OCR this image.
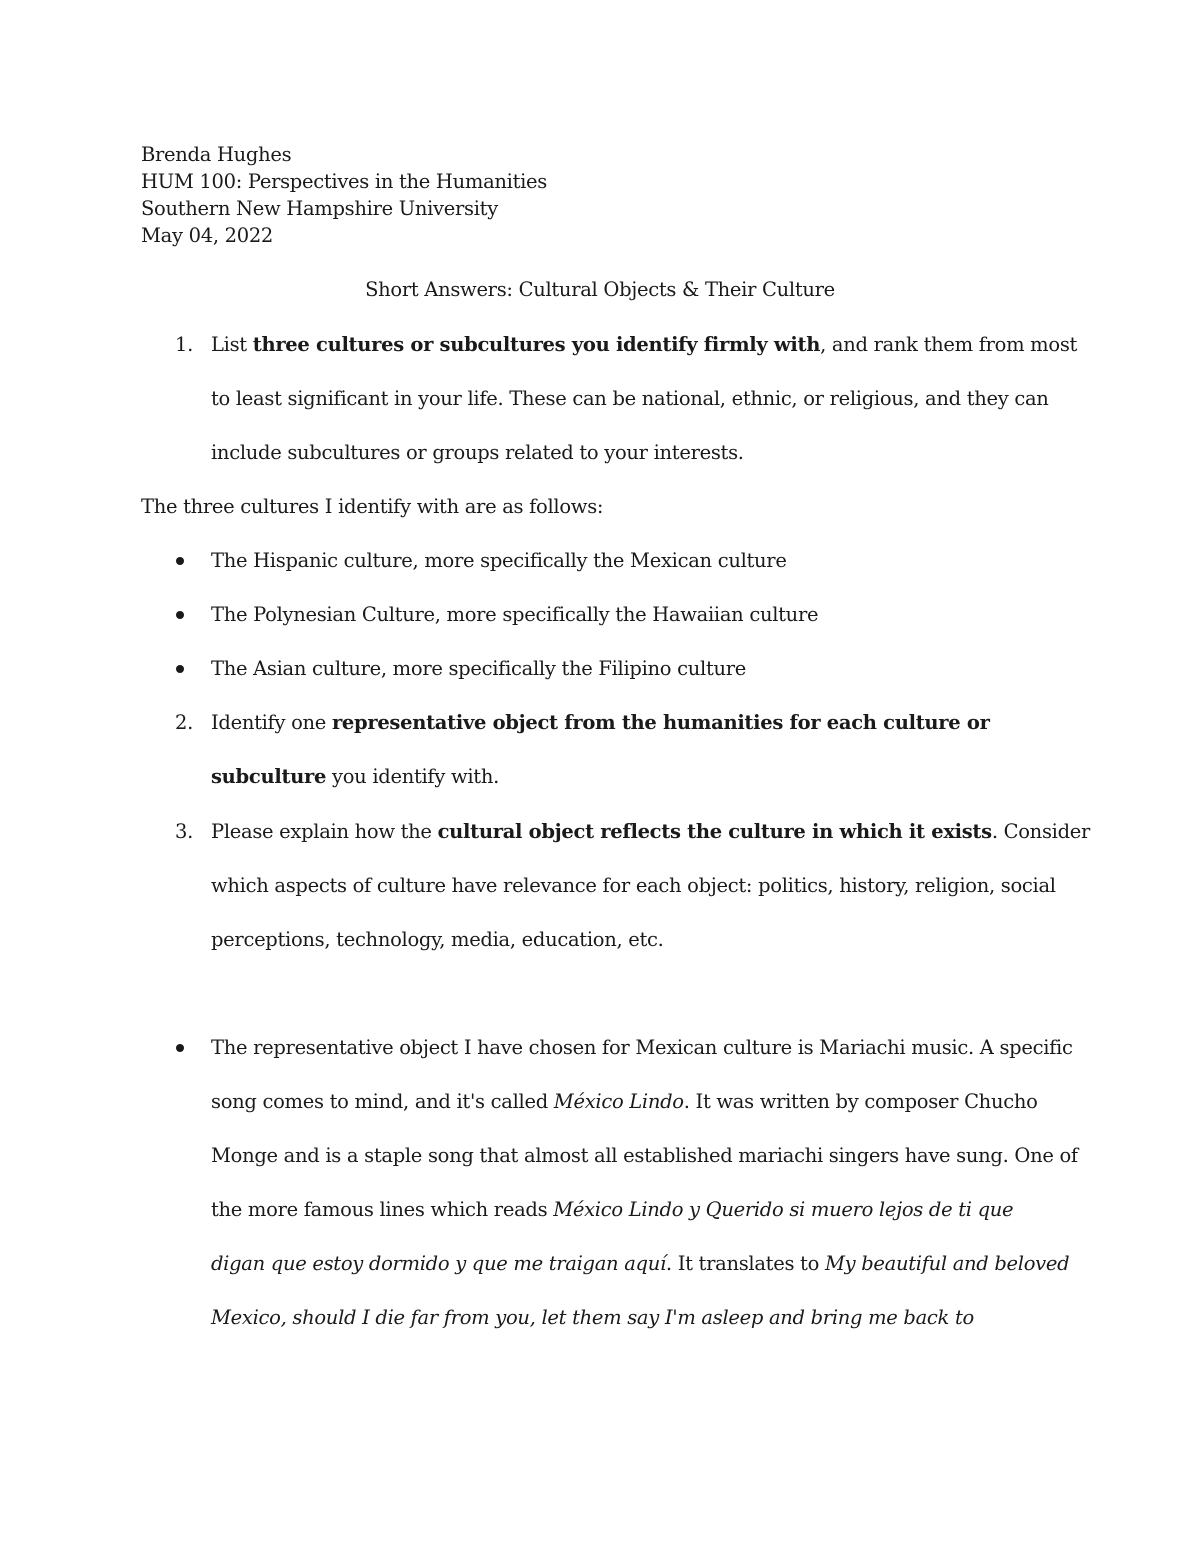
Brenda Hughes
HUM 100: Perspectives in the Humanities
Southern New Hampshire University
May 04, 2022
Short Answers: Cultural Objects & Their Culture
1. List three cultures or subcultures you identify firmly with, and rank them from most
to least significant in your life. These can be national, ethnic, or religious, and they can
include subcultures or groups related to your interests.
The three cultures I identify with are as follows:
The Hispanic culture, more specifically the Mexican culture
The Polynesian Culture, more specifically the Hawaiian culture
The Asian culture, more specifically the Filipino culture
2. Identify one representative object from the humanities for each culture or
subculture you identify with.
3. Please explain how the cultural object reflects the culture in which it exists. Consider
which aspects of culture have relevance for each object: politics, history, religion, social
perceptions, technology, media, education, etc.
The representative object I have chosen for Mexican culture is Mariachi music. A specific
song comes to mind, and it's called México Lindo. It was written by composer Chucho
Monge and is a staple song that almost all established mariachi singers have sung. One of
the more famous lines which reads México Lindo y Querido si muero lejos de ti que
digan que estoy dormido y que me traigan aquí. It translates to My beautiful and beloved
Mexico, should I die far from you, let them say I'm asleep and bring me back to
